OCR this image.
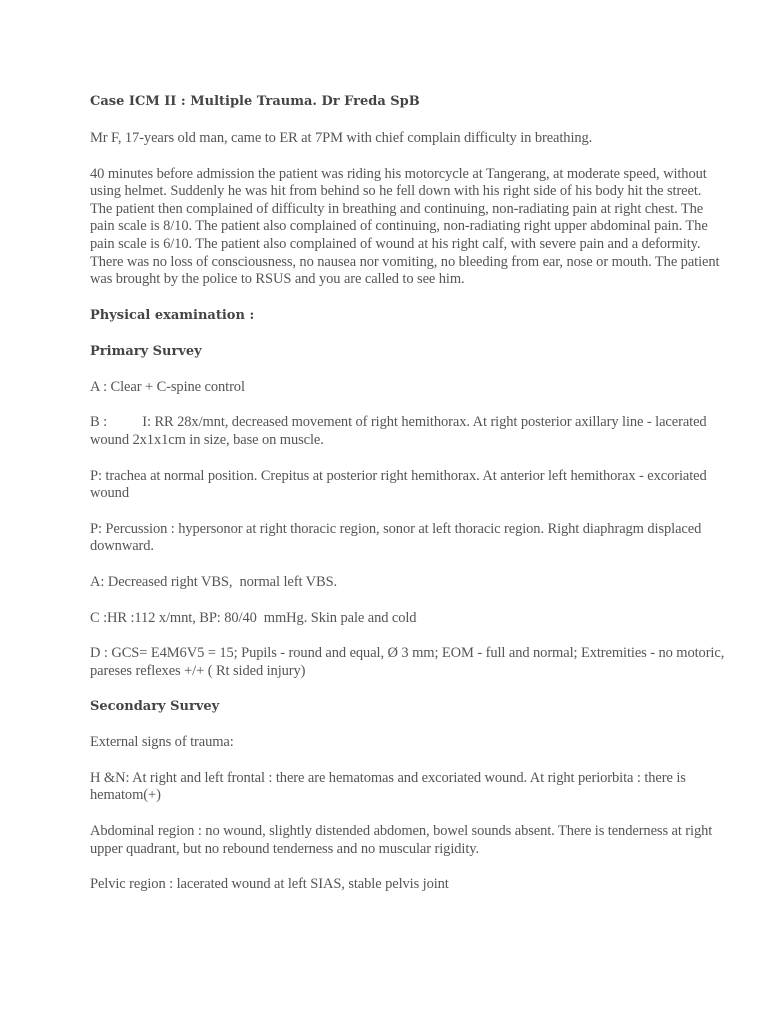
Case ICM II : Multiple Trauma. Dr Freda SpB

Mr F, 17-years old man, came to ER at 7PM with chief complain difficulty in breathing.

40 minutes before admission the patient was riding his motorcycle at Tangerang, at moderate speed, without using helmet. Suddenly he was hit from behind so he fell down with his right side of his body hit the street. The patient then complained of difficulty in breathing and continuing, non-radiating pain at right chest. The pain scale is 8/10. The patient also complained of continuing, non-radiating right upper abdominal pain. The pain scale is 6/10. The patient also complained of wound at his right calf, with severe pain and a deformity. There was no loss of consciousness, no nausea nor vomiting, no bleeding from ear, nose or mouth. The patient was brought by the police to RSUS and you are called to see him.

Physical examination :

Primary Survey

A : Clear + C-spine control

B :          I: RR 28x/mnt, decreased movement of right hemithorax. At right posterior axillary line - lacerated wound 2x1x1cm in size, base on muscle.

P: trachea at normal position. Crepitus at posterior right hemithorax. At anterior left hemithorax - excoriated wound

P: Percussion : hypersonor at right thoracic region, sonor at left thoracic region. Right diaphragm displaced downward.

A: Decreased right VBS,  normal left VBS.

C :HR :112 x/mnt, BP: 80/40  mmHg. Skin pale and cold

D : GCS= E4M6V5 = 15; Pupils - round and equal, Ø 3 mm; EOM - full and normal; Extremities - no motoric, pareses reflexes +/+ ( Rt sided injury)

Secondary Survey

External signs of trauma:

H &N: At right and left frontal : there are hematomas and excoriated wound. At right periorbita : there is hematom(+)

Abdominal region : no wound, slightly distended abdomen, bowel sounds absent. There is tenderness at right upper quadrant, but no rebound tenderness and no muscular rigidity.

Pelvic region : lacerated wound at left SIAS, stable pelvis joint
